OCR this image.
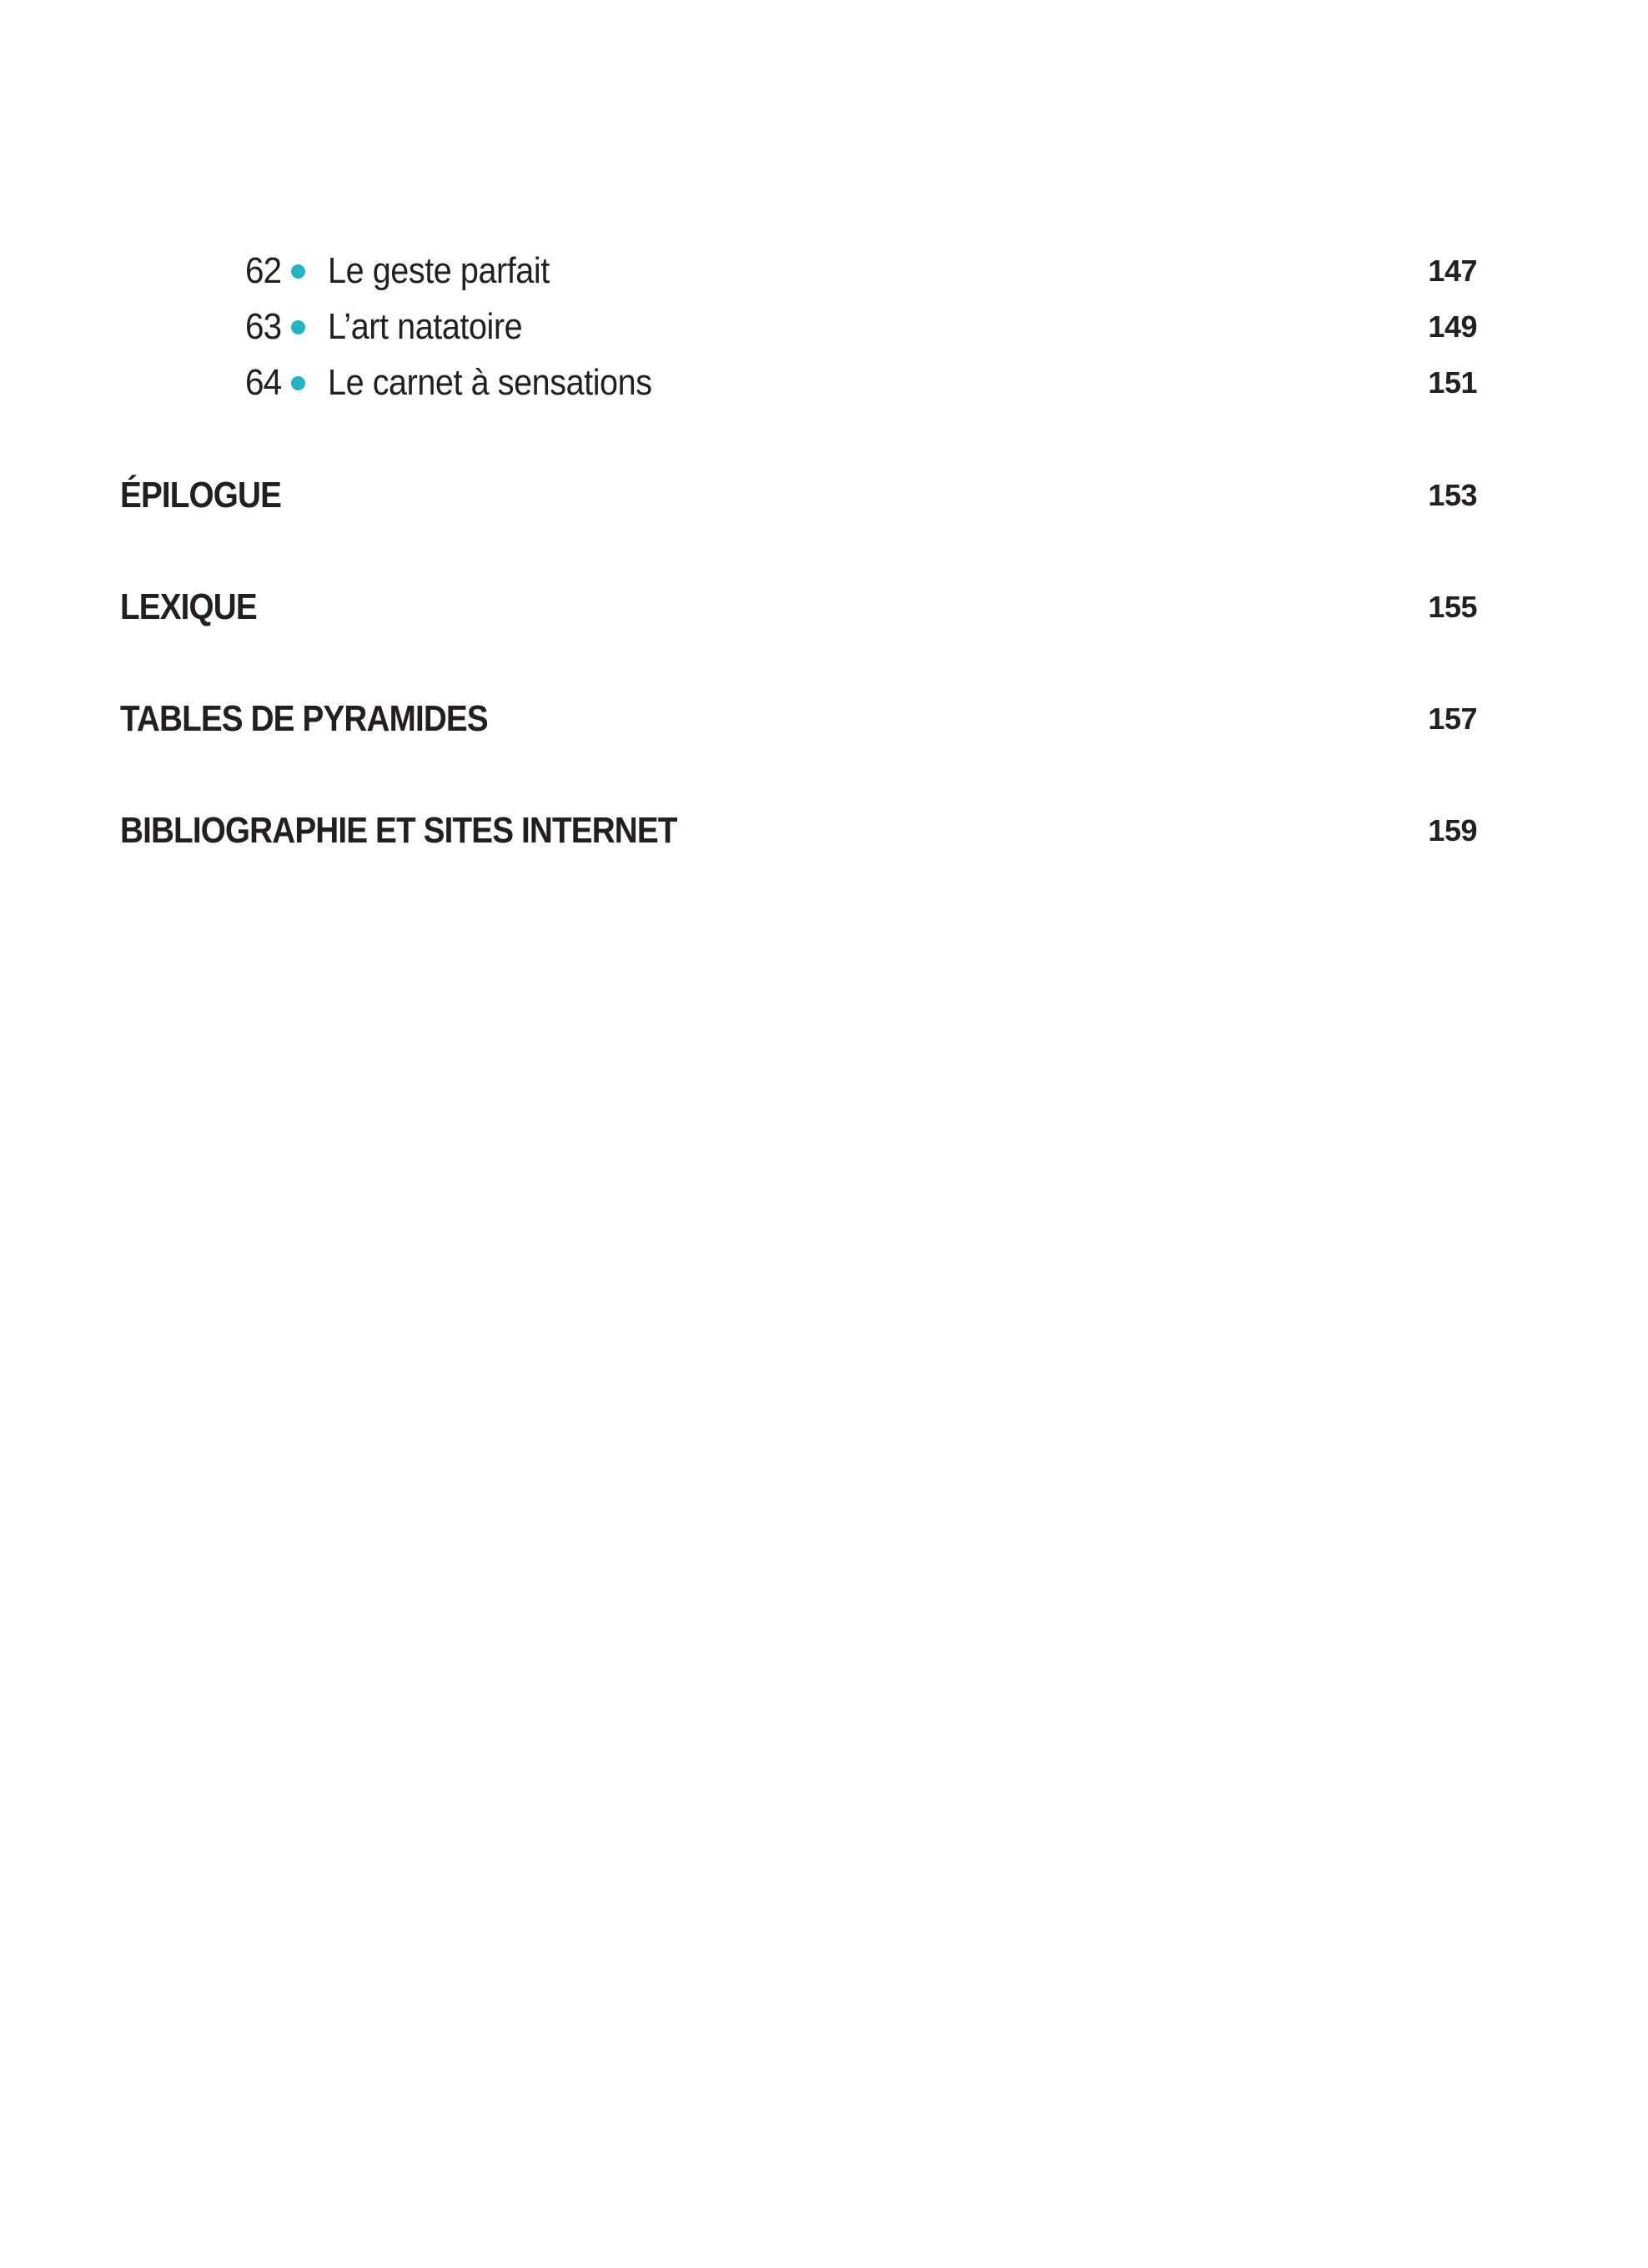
62 Le geste parfait	147
63 L’art natatoire	149
64 Le carnet à sensations	151
ÉPILOGUE	153
LEXIQUE	155
TABLES DE PYRAMIDES	157
BIBLIOGRAPHIE ET SITES INTERNET	159
